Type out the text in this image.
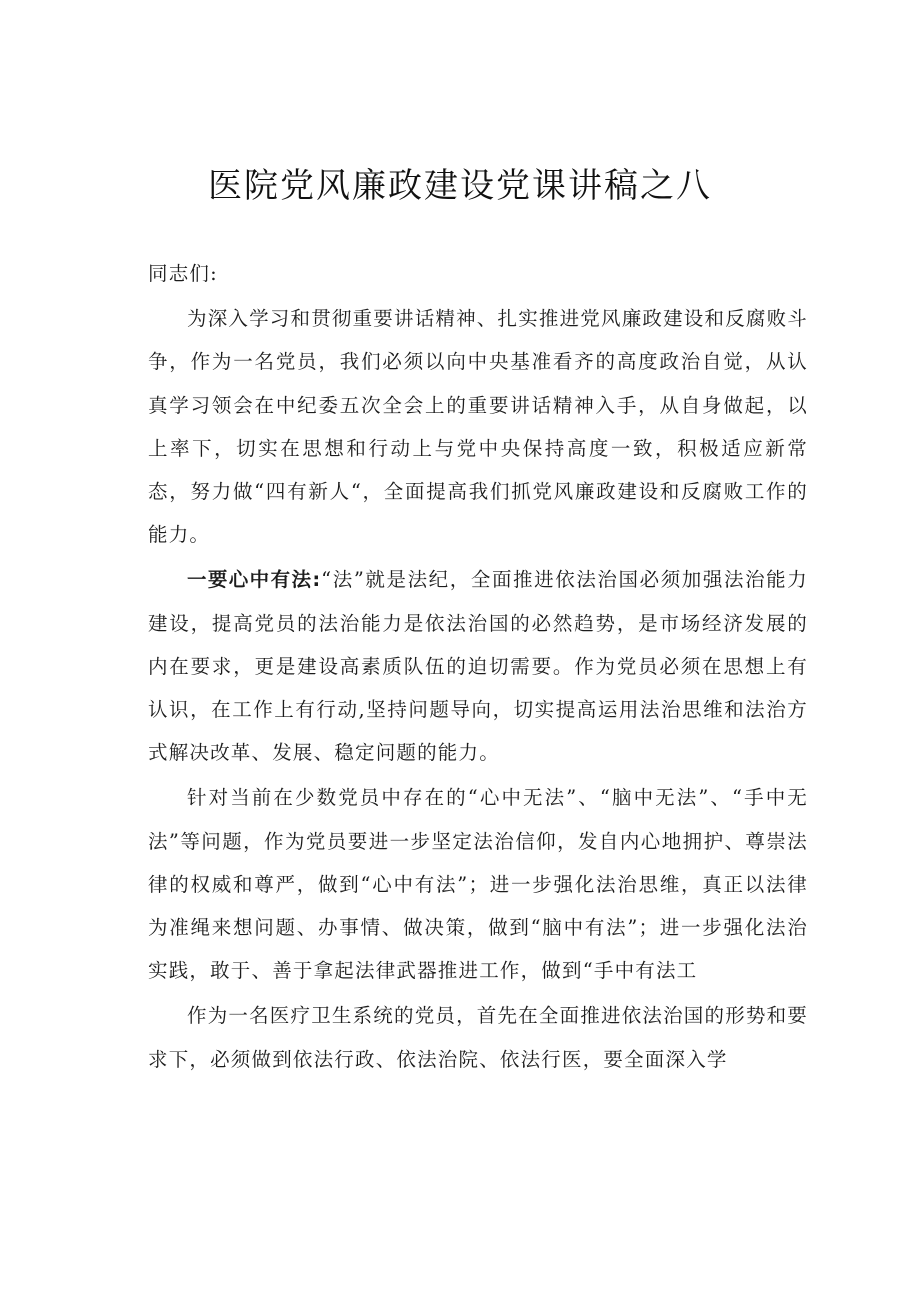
医院党风廉政建设党课讲稿之八

同志们:

为深入学习和贯彻重要讲话精神、扎实推进党风廉政建设和反腐败斗争，作为一名党员，我们必须以向中央基准看齐的高度政治自觉，从认真学习领会在中纪委五次全会上的重要讲话精神入手，从自身做起，以上率下，切实在思想和行动上与党中央保持高度一致，积极适应新常态，努力做“四有新人“，全面提高我们抓党风廉政建设和反腐败工作的能力。

一要心中有法:“法”就是法纪，全面推进依法治国必须加强法治能力建设，提高党员的法治能力是依法治国的必然趋势，是市场经济发展的内在要求，更是建设高素质队伍的迫切需要。作为党员必须在思想上有认识，在工作上有行动,坚持问题导向，切实提高运用法治思维和法治方式解决改革、发展、稳定问题的能力。

针对当前在少数党员中存在的“心中无法”、“脑中无法”、“手中无法”等问题，作为党员要进一步坚定法治信仰，发自内心地拥护、尊崇法律的权威和尊严，做到“心中有法”；进一步强化法治思维，真正以法律为准绳来想问题、办事情、做决策，做到“脑中有法”；进一步强化法治实践，敢于、善于拿起法律武器推进工作，做到“手中有法工

作为一名医疗卫生系统的党员，首先在全面推进依法治国的形势和要求下，必须做到依法行政、依法治院、依法行医，要全面深入学
